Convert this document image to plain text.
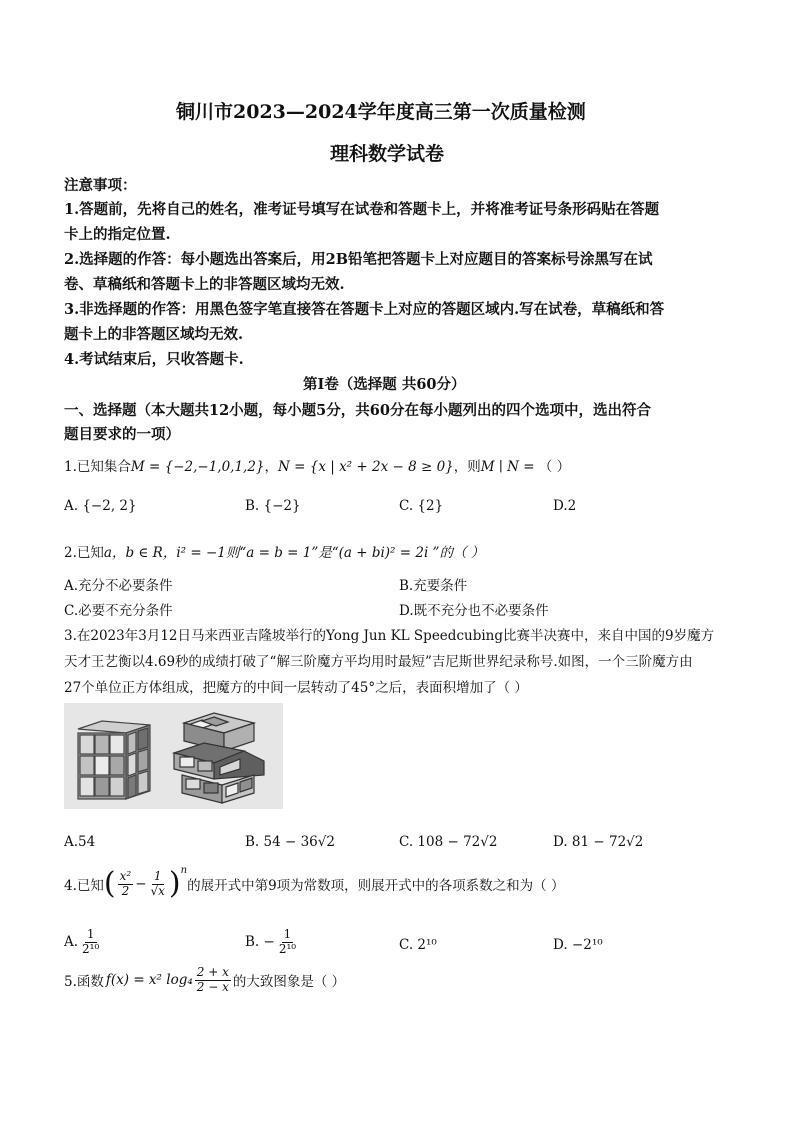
铜川市2023—2024学年度高三第一次质量检测
理科数学试卷
注意事项：
1.答题前，先将自己的姓名，准考证号填写在试卷和答题卡上，并将准考证号条形码贴在答题
卡上的指定位置.
2.选择题的作答：每小题选出答案后，用2B铅笔把答题卡上对应题目的答案标号涂黑写在试
卷、草稿纸和答题卡上的非答题区域均无效.
3.非选择题的作答：用黑色签字笔直接答在答题卡上对应的答题区域内.写在试卷，草稿纸和答
题卡上的非答题区域均无效.
4.考试结束后，只收答题卡.
第Ⅰ卷（选择题 共60分）
一、选择题（本大题共12小题，每小题5分，共60分在每小题列出的四个选项中，选出符合
题目要求的一项）
1.已知集合M = {−2,−1,0,1,2}，N = {x | x² + 2x − 8 ≥ 0}，则M ∣ N = （ ）
A. {−2, 2}	B. {−2}	C. {2}	D.2
2.已知a，b ∈ R，i² = −1则“a = b = 1”是“(a + bi)² = 2i ”的（ ）
A.充分不必要条件	B.充要条件
C.必要不充分条件	D.既不充分也不必要条件
3.在2023年3月12日马来西亚吉隆坡举行的Yong Jun KL Speedcubing比赛半决赛中，来自中国的9岁魔方
天才王艺衡以4.69秒的成绩打破了“解三阶魔方平均用时最短”吉尼斯世界纪录称号.如图，一个三阶魔方由
27个单位正方体组成，把魔方的中间一层转动了45°之后，表面积增加了（ ）
A.54	B. 54 − 36√2	C. 108 − 72√2	D. 81 − 72√2
4.已知 ( $\frac{\text{x²}}{2} - \frac{1}{√x}$ ) n
的展开式中第9项为常数项，则展开式中的各项系数之和为（ ）
A. $\frac{1}{\text{2¹⁰}}$	B. − $\frac{1}{\text{2¹⁰}}$	C. 2¹⁰	D. −2¹⁰
5.函数 f(x) = x² $\log_4 \frac{2 + x}{2 - x}$ 的大致图象是（ ）
